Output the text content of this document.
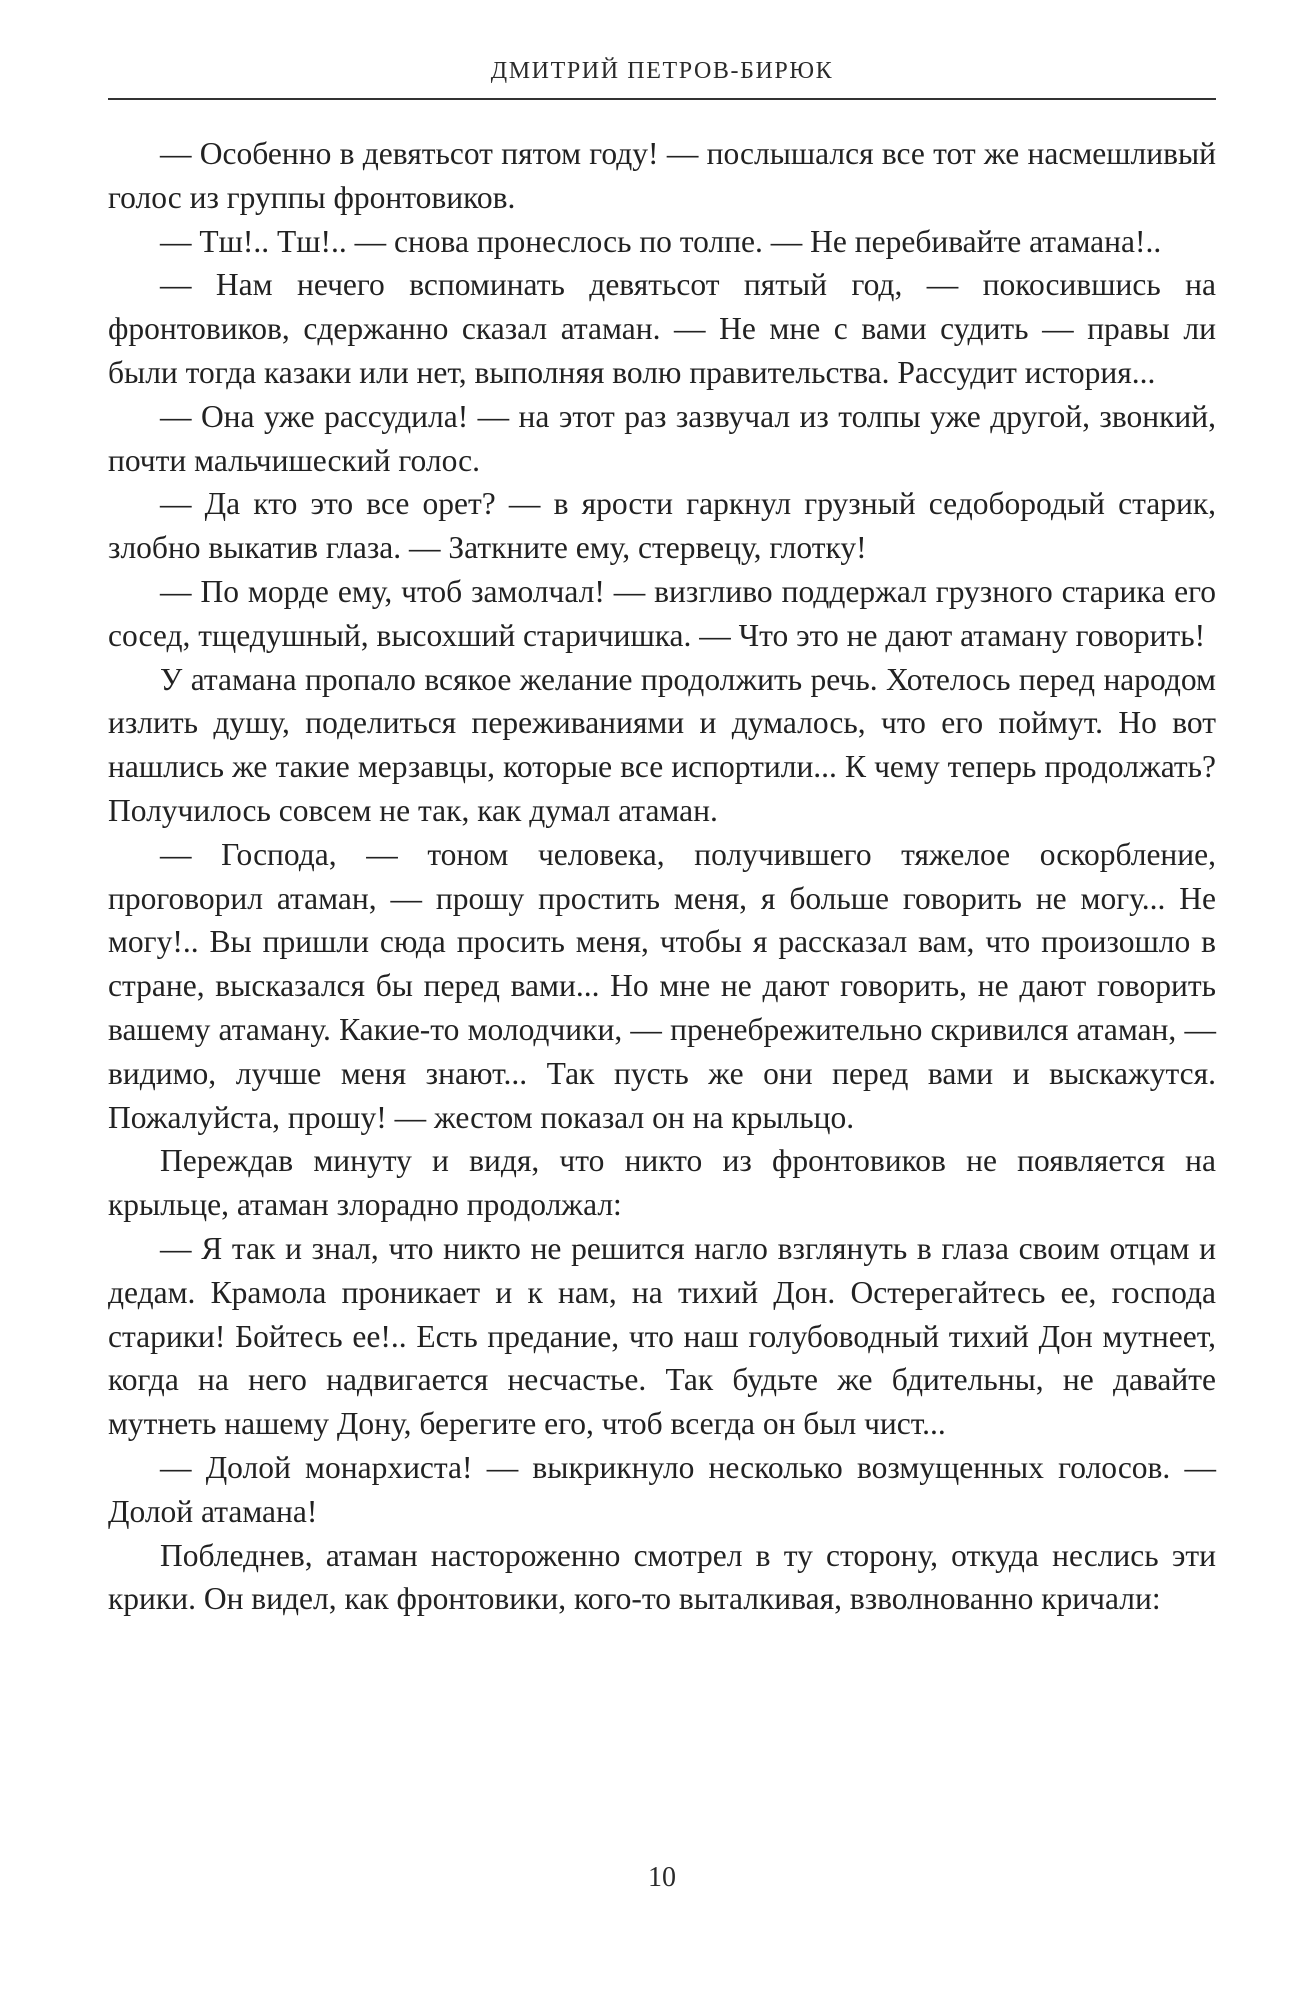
ДМИТРИЙ ПЕТРОВ-БИРЮК

— Особенно в девятьсот пятом году! — послышался все тот же насмешливый голос из группы фронтовиков.

— Тш!.. Тш!.. — снова пронеслось по толпе. — Не перебивайте атамана!..

— Нам нечего вспоминать девятьсот пятый год, — покосившись на фронтовиков, сдержанно сказал атаман. — Не мне с вами судить — правы ли были тогда казаки или нет, выполняя волю правительства. Рассудит история...

— Она уже рассудила! — на этот раз зазвучал из толпы уже другой, звонкий, почти мальчишеский голос.

— Да кто это все орет? — в ярости гаркнул грузный седобородый старик, злобно выкатив глаза. — Заткните ему, стервецу, глотку!

— По морде ему, чтоб замолчал! — визгливо поддержал грузного старика его сосед, тщедушный, высохший старичишка. — Что это не дают атаману говорить!

У атамана пропало всякое желание продолжить речь. Хотелось перед народом излить душу, поделиться переживаниями и думалось, что его поймут. Но вот нашлись же такие мерзавцы, которые все испортили... К чему теперь продолжать? Получилось совсем не так, как думал атаман.

— Господа, — тоном человека, получившего тяжелое оскорбление, проговорил атаман, — прошу простить меня, я больше говорить не могу... Не могу!.. Вы пришли сюда просить меня, чтобы я рассказал вам, что произошло в стране, высказался бы перед вами... Но мне не дают говорить, не дают говорить вашему атаману. Какие-то молодчики, — пренебрежительно скривился атаман, — видимо, лучше меня знают... Так пусть же они перед вами и выскажутся. Пожалуйста, прошу! — жестом показал он на крыльцо.

Переждав минуту и видя, что никто из фронтовиков не появляется на крыльце, атаман злорадно продолжал:

— Я так и знал, что никто не решится нагло взглянуть в глаза своим отцам и дедам. Крамола проникает и к нам, на тихий Дон. Остерегайтесь ее, господа старики! Бойтесь ее!.. Есть предание, что наш голубоводный тихий Дон мутнеет, когда на него надвигается несчастье. Так будьте же бдительны, не давайте мутнеть нашему Дону, берегите его, чтоб всегда он был чист...

— Долой монархиста! — выкрикнуло несколько возмущенных голосов. — Долой атамана!

Побледнев, атаман настороженно смотрел в ту сторону, откуда неслись эти крики. Он видел, как фронтовики, кого-то выталкивая, взволнованно кричали:

10
